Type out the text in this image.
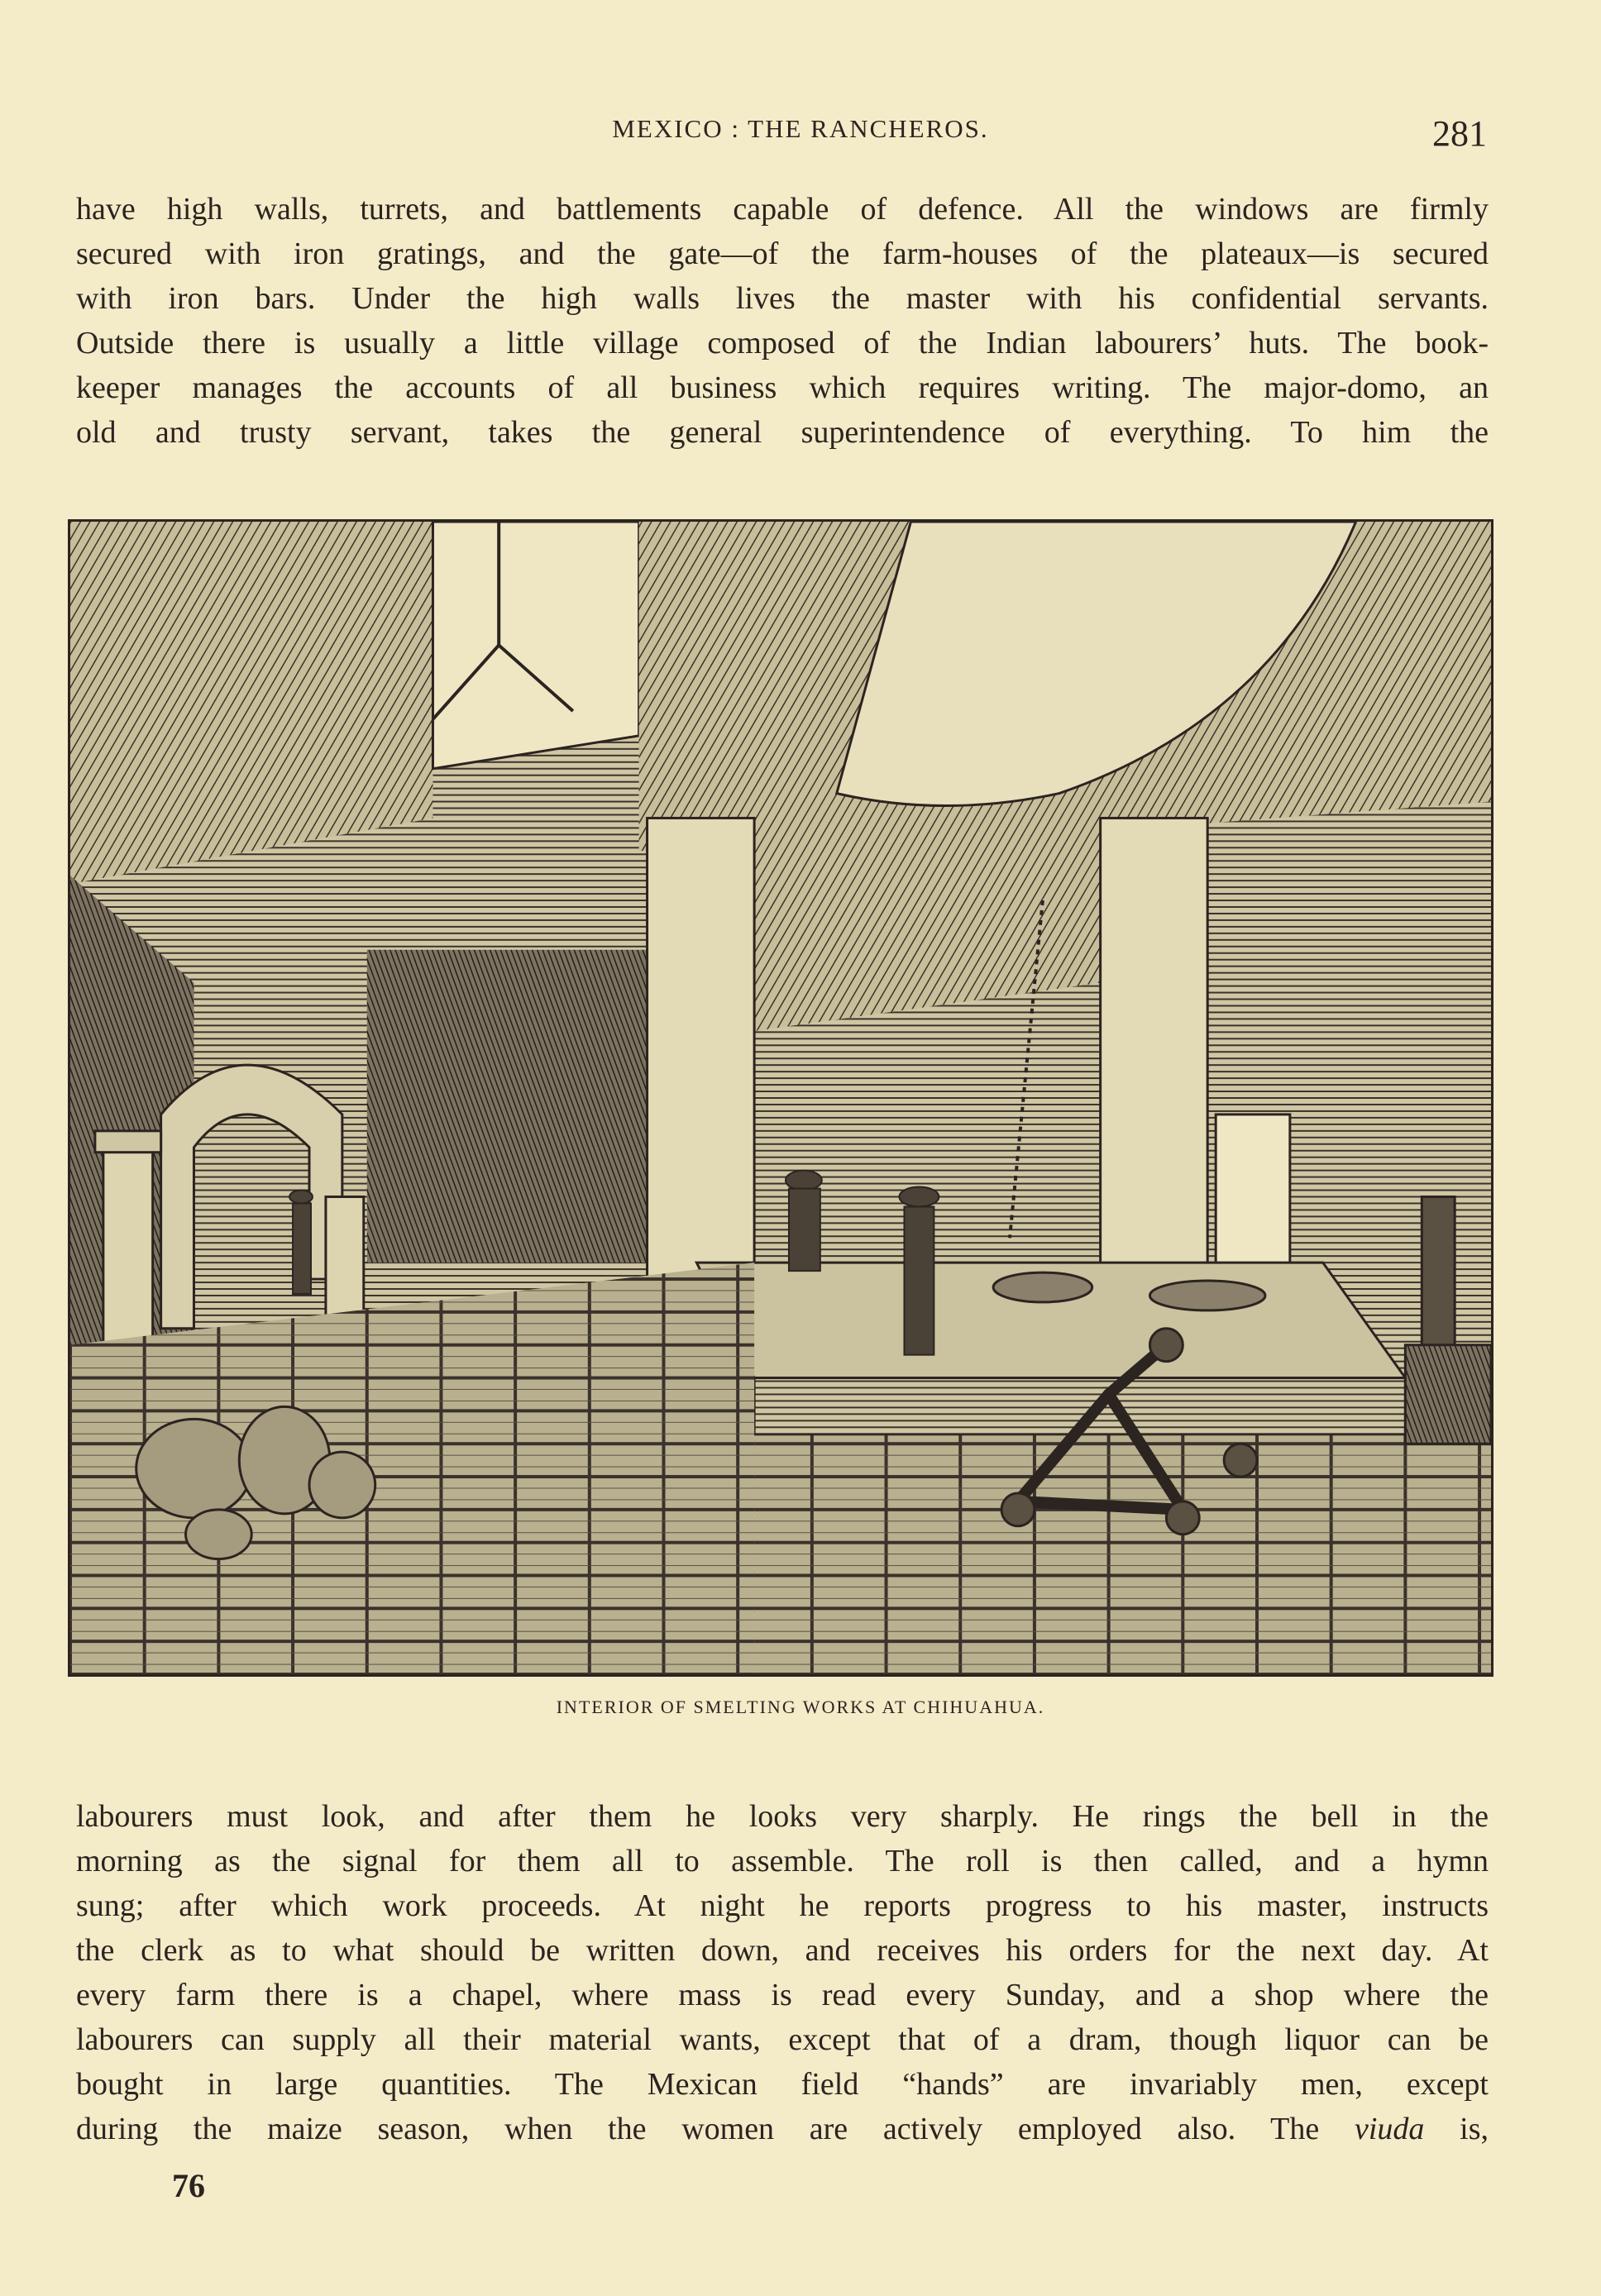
MEXICO : THE RANCHEROS.	281
have high walls, turrets, and battlements capable of defence. All the windows are firmly
secured with iron gratings, and the gate—of the farm-houses of the plateaux—is secured
with iron bars. Under the high walls lives the master with his confidential servants.
Outside there is usually a little village composed of the Indian labourers’ huts. The book-
keeper manages the accounts of all business which requires writing. The major-domo, an
old and trusty servant, takes the general superintendence of everything. To him the
INTERIOR OF SMELTING WORKS AT CHIHUAHUA.
labourers must look, and after them he looks very sharply. He rings the bell in the
morning as the signal for them all to assemble. The roll is then called, and a hymn
sung; after which work proceeds. At night he reports progress to his master, instructs
the clerk as to what should be written down, and receives his orders for the next day. At
every farm there is a chapel, where mass is read every Sunday, and a shop where the
labourers can supply all their material wants, except that of a dram, though liquor can be
bought in large quantities. The Mexican field “hands” are invariably men, except
during the maize season, when the women are actively employed also. The viuda is,
76
